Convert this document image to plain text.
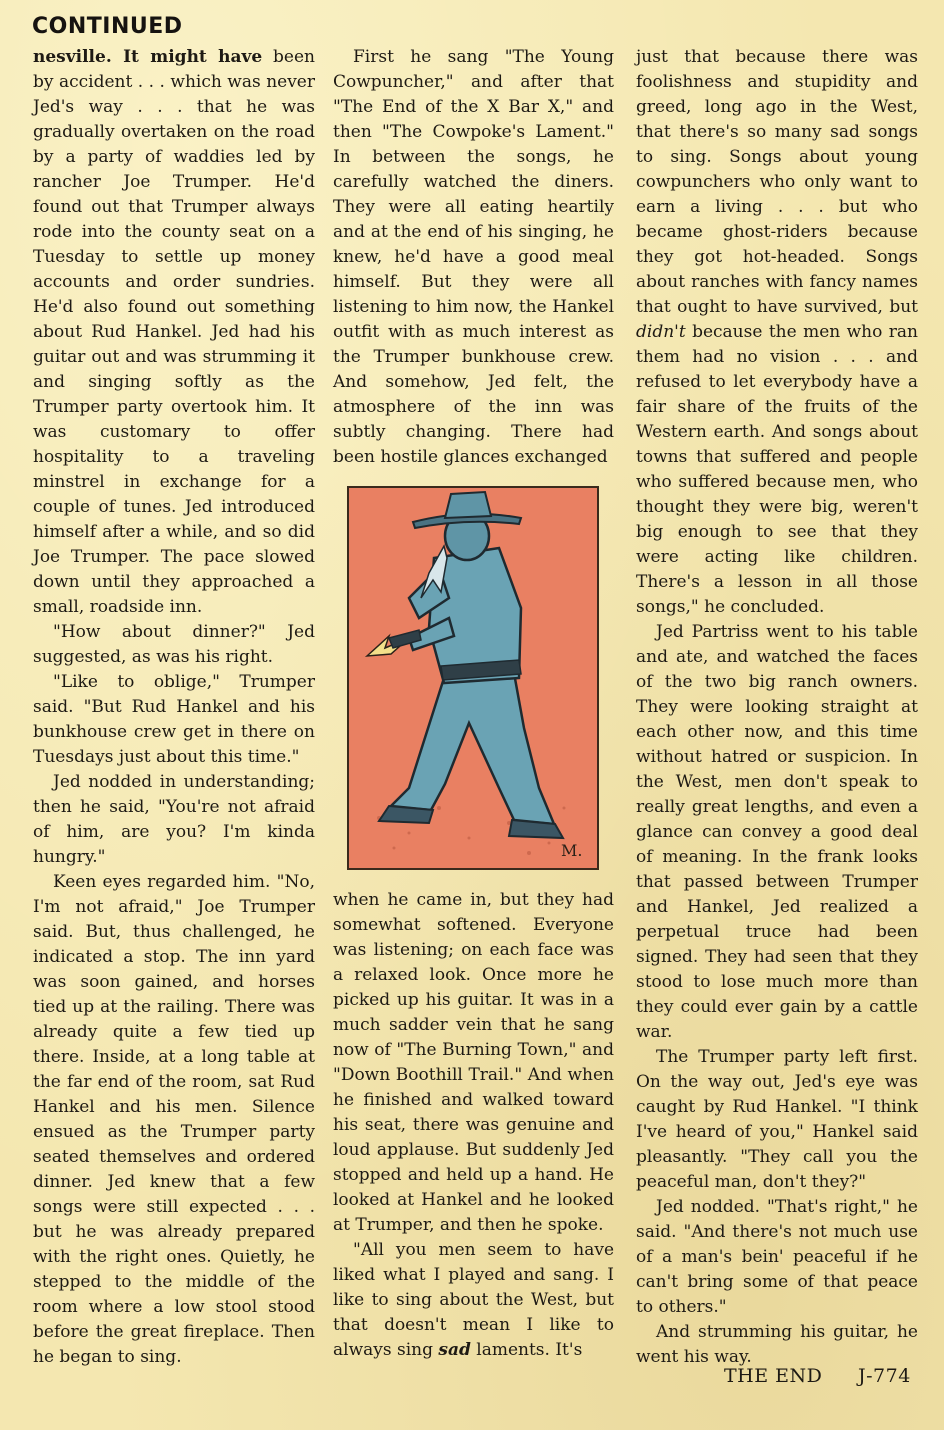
CONTINUED

nesville. It might have been by accident . . . which was never Jed's way . . . that he was gradually overtaken on the road by a party of waddies led by rancher Joe Trumper. He'd found out that Trumper always rode into the county seat on a Tuesday to settle up money accounts and order sundries. He'd also found out something about Rud Hankel. Jed had his guitar out and was strumming it and singing softly as the Trumper party overtook him. It was customary to offer hospitality to a traveling minstrel in exchange for a couple of tunes. Jed introduced himself after a while, and so did Joe Trumper. The pace slowed down until they approached a small, roadside inn.

"How about dinner?" Jed suggested, as was his right.

"Like to oblige," Trumper said. "But Rud Hankel and his bunkhouse crew get in there on Tuesdays just about this time."

Jed nodded in understanding; then he said, "You're not afraid of him, are you? I'm kinda hungry."

Keen eyes regarded him. "No, I'm not afraid," Joe Trumper said. But, thus challenged, he indicated a stop. The inn yard was soon gained, and horses tied up at the railing. There was already quite a few tied up there. Inside, at a long table at the far end of the room, sat Rud Hankel and his men. Silence ensued as the Trumper party seated themselves and ordered dinner. Jed knew that a few songs were still expected . . . but he was already prepared with the right ones. Quietly, he stepped to the middle of the room where a low stool stood before the great fireplace. Then he began to sing.

First he sang "The Young Cowpuncher," and after that "The End of the X Bar X," and then "The Cowpoke's Lament." In between the songs, he carefully watched the diners. They were all eating heartily and at the end of his singing, he knew, he'd have a good meal himself. But they were all listening to him now, the Hankel outfit with as much interest as the Trumper bunkhouse crew. And somehow, Jed felt, the atmosphere of the inn was subtly changing. There had been hostile glances exchanged

M.

when he came in, but they had somewhat softened. Everyone was listening; on each face was a relaxed look. Once more he picked up his guitar. It was in a much sadder vein that he sang now of "The Burning Town," and "Down Boothill Trail." And when he finished and walked toward his seat, there was genuine and loud applause. But suddenly Jed stopped and held up a hand. He looked at Hankel and he looked at Trumper, and then he spoke.

"All you men seem to have liked what I played and sang. I like to sing about the West, but that doesn't mean I like to always sing sad laments. It's

just that because there was foolishness and stupidity and greed, long ago in the West, that there's so many sad songs to sing. Songs about young cowpunchers who only want to earn a living . . . but who became ghost-riders because they got hot-headed. Songs about ranches with fancy names that ought to have survived, but didn't because the men who ran them had no vision . . . and refused to let everybody have a fair share of the fruits of the Western earth. And songs about towns that suffered and people who suffered because men, who thought they were big, weren't big enough to see that they were acting like children. There's a lesson in all those songs," he concluded.

Jed Partriss went to his table and ate, and watched the faces of the two big ranch owners. They were looking straight at each other now, and this time without hatred or suspicion. In the West, men don't speak to really great lengths, and even a glance can convey a good deal of meaning. In the frank looks that passed between Trumper and Hankel, Jed realized a perpetual truce had been signed. They had seen that they stood to lose much more than they could ever gain by a cattle war.

The Trumper party left first. On the way out, Jed's eye was caught by Rud Hankel. "I think I've heard of you," Hankel said pleasantly. "They call you the peaceful man, don't they?"

Jed nodded. "That's right," he said. "And there's not much use of a man's bein' peaceful if he can't bring some of that peace to others."

And strumming his guitar, he went his way.

THE END J-774
